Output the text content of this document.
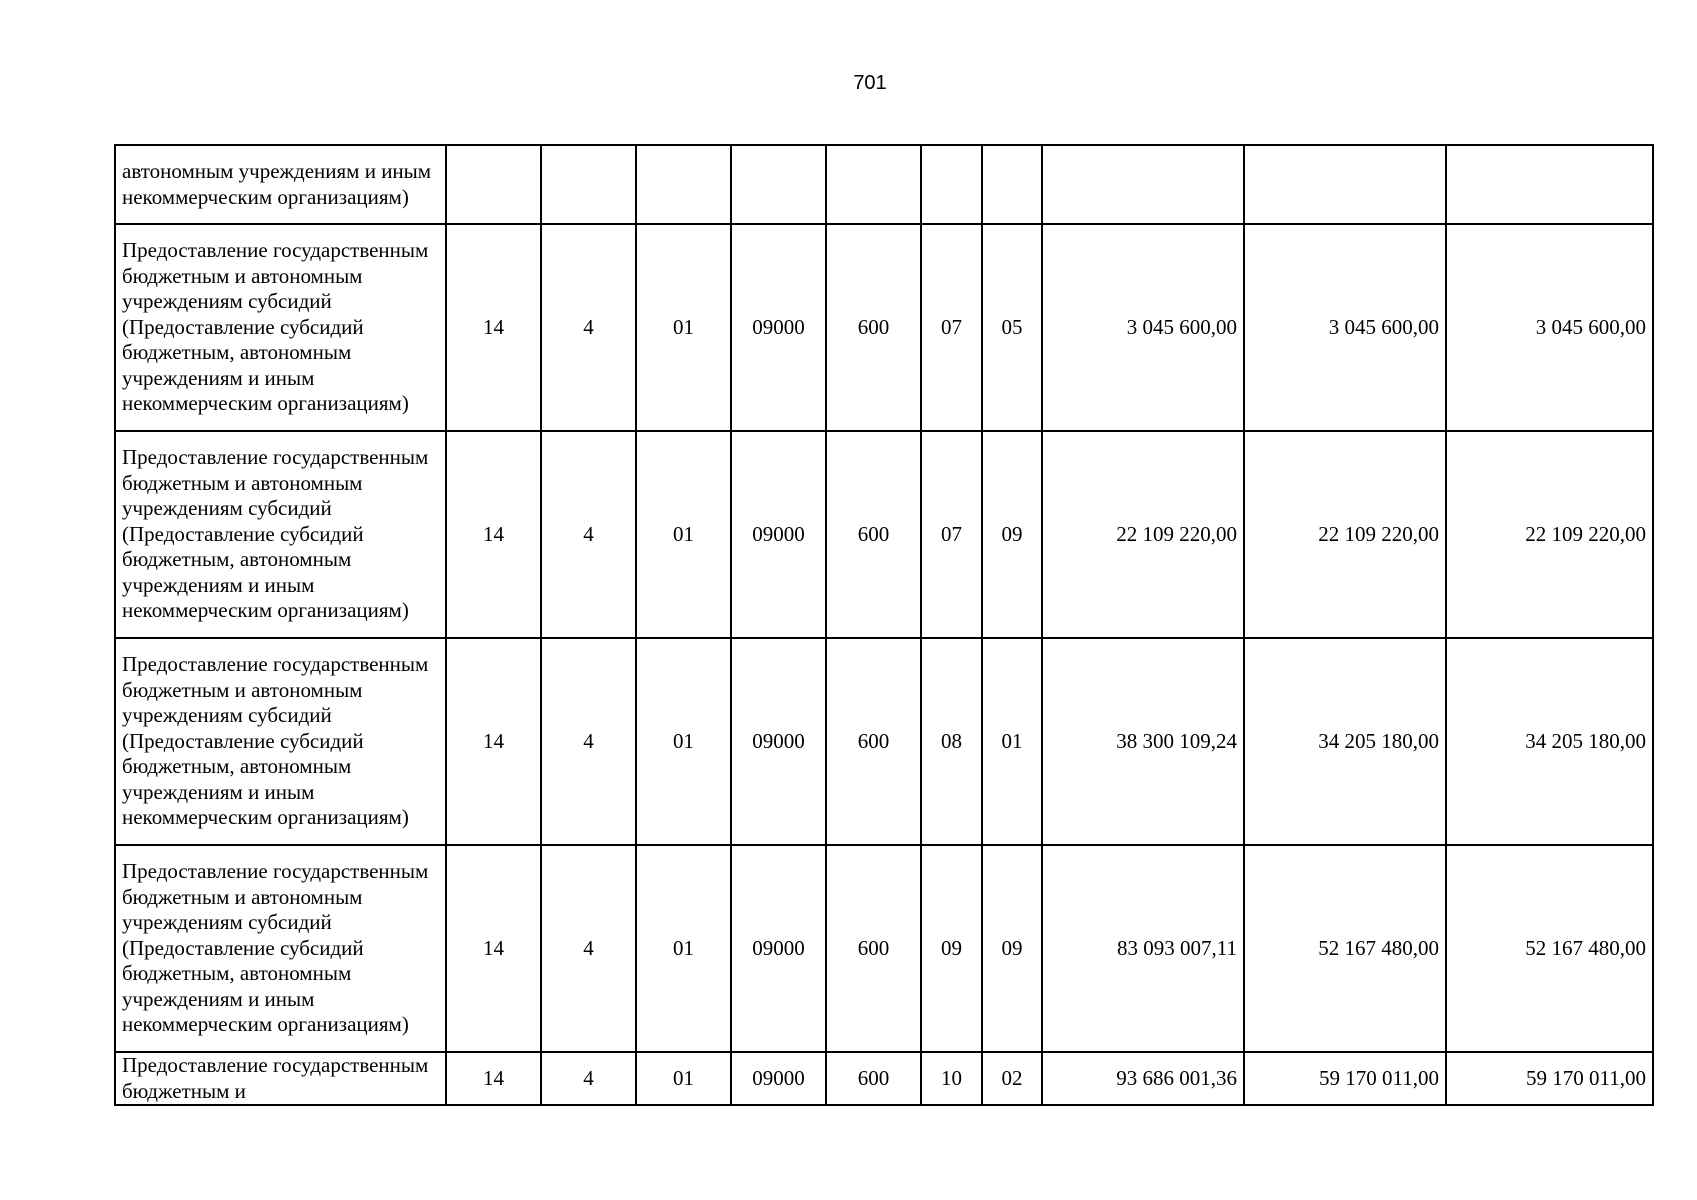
701
автономным учреждениям и иным некоммерческим организациям)										
Предоставление государственным бюджетным и автономным учреждениям субсидий (Предоставление субсидий бюджетным, автономным учреждениям и иным некоммерческим организациям)	14	4	01	09000	600	07	05	3 045 600,00	3 045 600,00	3 045 600,00
Предоставление государственным бюджетным и автономным учреждениям субсидий (Предоставление субсидий бюджетным, автономным учреждениям и иным некоммерческим организациям)	14	4	01	09000	600	07	09	22 109 220,00	22 109 220,00	22 109 220,00
Предоставление государственным бюджетным и автономным учреждениям субсидий (Предоставление субсидий бюджетным, автономным учреждениям и иным некоммерческим организациям)	14	4	01	09000	600	08	01	38 300 109,24	34 205 180,00	34 205 180,00
Предоставление государственным бюджетным и автономным учреждениям субсидий (Предоставление субсидий бюджетным, автономным учреждениям и иным некоммерческим организациям)	14	4	01	09000	600	09	09	83 093 007,11	52 167 480,00	52 167 480,00
Предоставление государственным бюджетным и	14	4	01	09000	600	10	02	93 686 001,36	59 170 011,00	59 170 011,00
